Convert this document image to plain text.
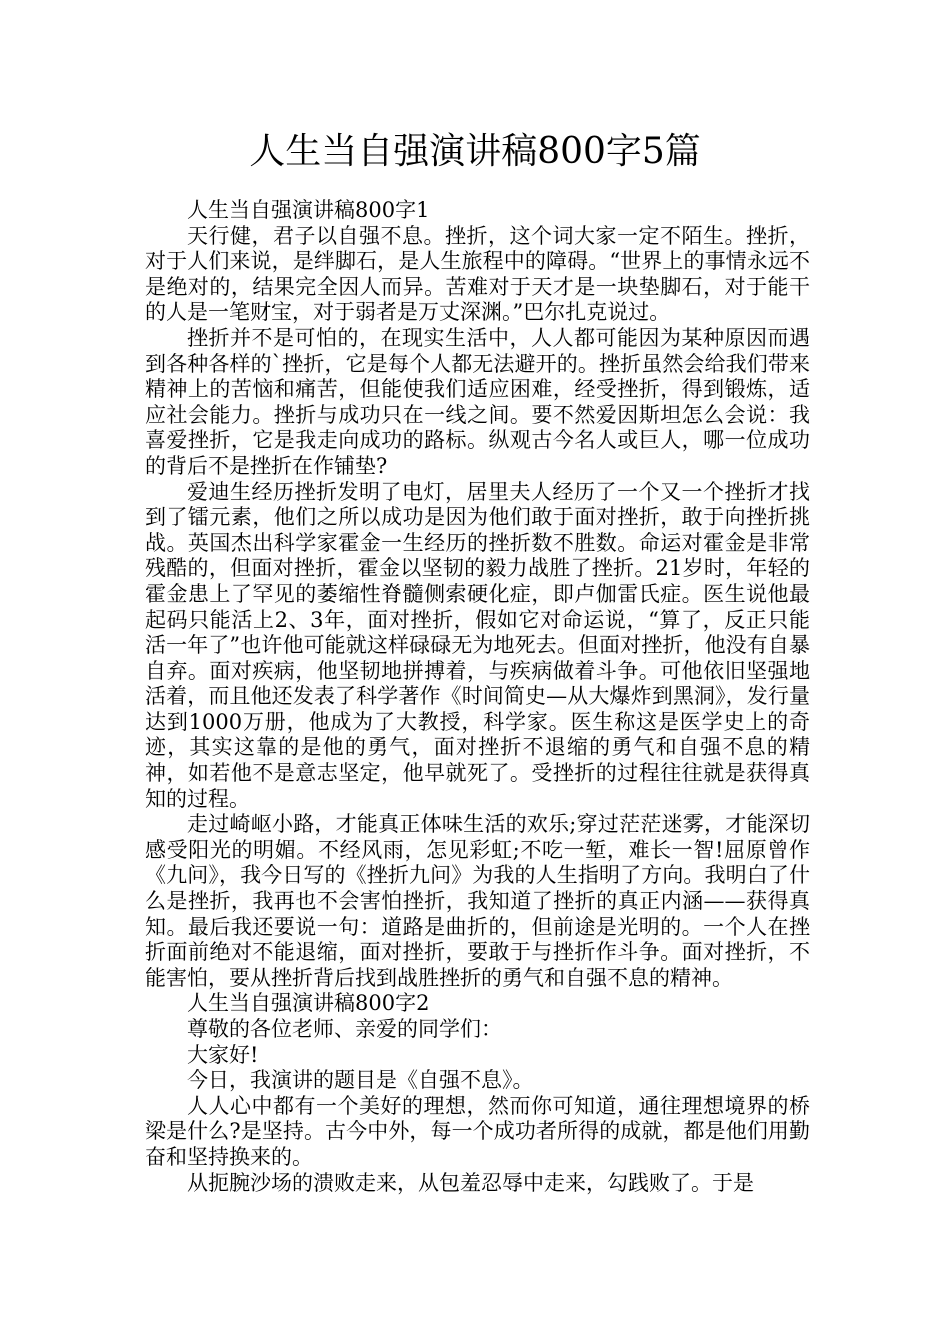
人生当自强演讲稿800字5篇

人生当自强演讲稿800字1

天行健，君子以自强不息。挫折，这个词大家一定不陌生。挫折，对于人们来说，是绊脚石，是人生旅程中的障碍。“世界上的事情永远不是绝对的，结果完全因人而异。苦难对于天才是一块垫脚石，对于能干的人是一笔财宝，对于弱者是万丈深渊。”巴尔扎克说过。

挫折并不是可怕的，在现实生活中，人人都可能因为某种原因而遇到各种各样的`挫折，它是每个人都无法避开的。挫折虽然会给我们带来精神上的苦恼和痛苦，但能使我们适应困难，经受挫折，得到锻炼，适应社会能力。挫折与成功只在一线之间。要不然爱因斯坦怎么会说：我喜爱挫折，它是我走向成功的路标。纵观古今名人或巨人，哪一位成功的背后不是挫折在作铺垫?

爱迪生经历挫折发明了电灯，居里夫人经历了一个又一个挫折才找到了镭元素，他们之所以成功是因为他们敢于面对挫折，敢于向挫折挑战。英国杰出科学家霍金一生经历的挫折数不胜数。命运对霍金是非常残酷的，但面对挫折，霍金以坚韧的毅力战胜了挫折。21岁时，年轻的霍金患上了罕见的萎缩性脊髓侧索硬化症，即卢伽雷氏症。医生说他最起码只能活上2、3年，面对挫折，假如它对命运说，“算了，反正只能活一年了”也许他可能就这样碌碌无为地死去。但面对挫折，他没有自暴自弃。面对疾病，他坚韧地拼搏着，与疾病做着斗争。可他依旧坚强地活着，而且他还发表了科学著作《时间简史—从大爆炸到黑洞》，发行量达到1000万册，他成为了大教授，科学家。医生称这是医学史上的奇迹，其实这靠的是他的勇气，面对挫折不退缩的勇气和自强不息的精神，如若他不是意志坚定，他早就死了。受挫折的过程往往就是获得真知的过程。

走过崎岖小路，才能真正体味生活的欢乐;穿过茫茫迷雾，才能深切感受阳光的明媚。不经风雨，怎见彩虹;不吃一堑，难长一智!屈原曾作《九问》，我今日写的《挫折九问》为我的人生指明了方向。我明白了什么是挫折，我再也不会害怕挫折，我知道了挫折的真正内涵——获得真知。最后我还要说一句：道路是曲折的，但前途是光明的。一个人在挫折面前绝对不能退缩，面对挫折，要敢于与挫折作斗争。面对挫折，不能害怕，要从挫折背后找到战胜挫折的勇气和自强不息的精神。

人生当自强演讲稿800字2

尊敬的各位老师、亲爱的同学们：

大家好!

今日，我演讲的题目是《自强不息》。

人人心中都有一个美好的理想，然而你可知道，通往理想境界的桥梁是什么?是坚持。古今中外，每一个成功者所得的成就，都是他们用勤奋和坚持换来的。

从扼腕沙场的溃败走来，从包羞忍辱中走来，勾践败了。于是
